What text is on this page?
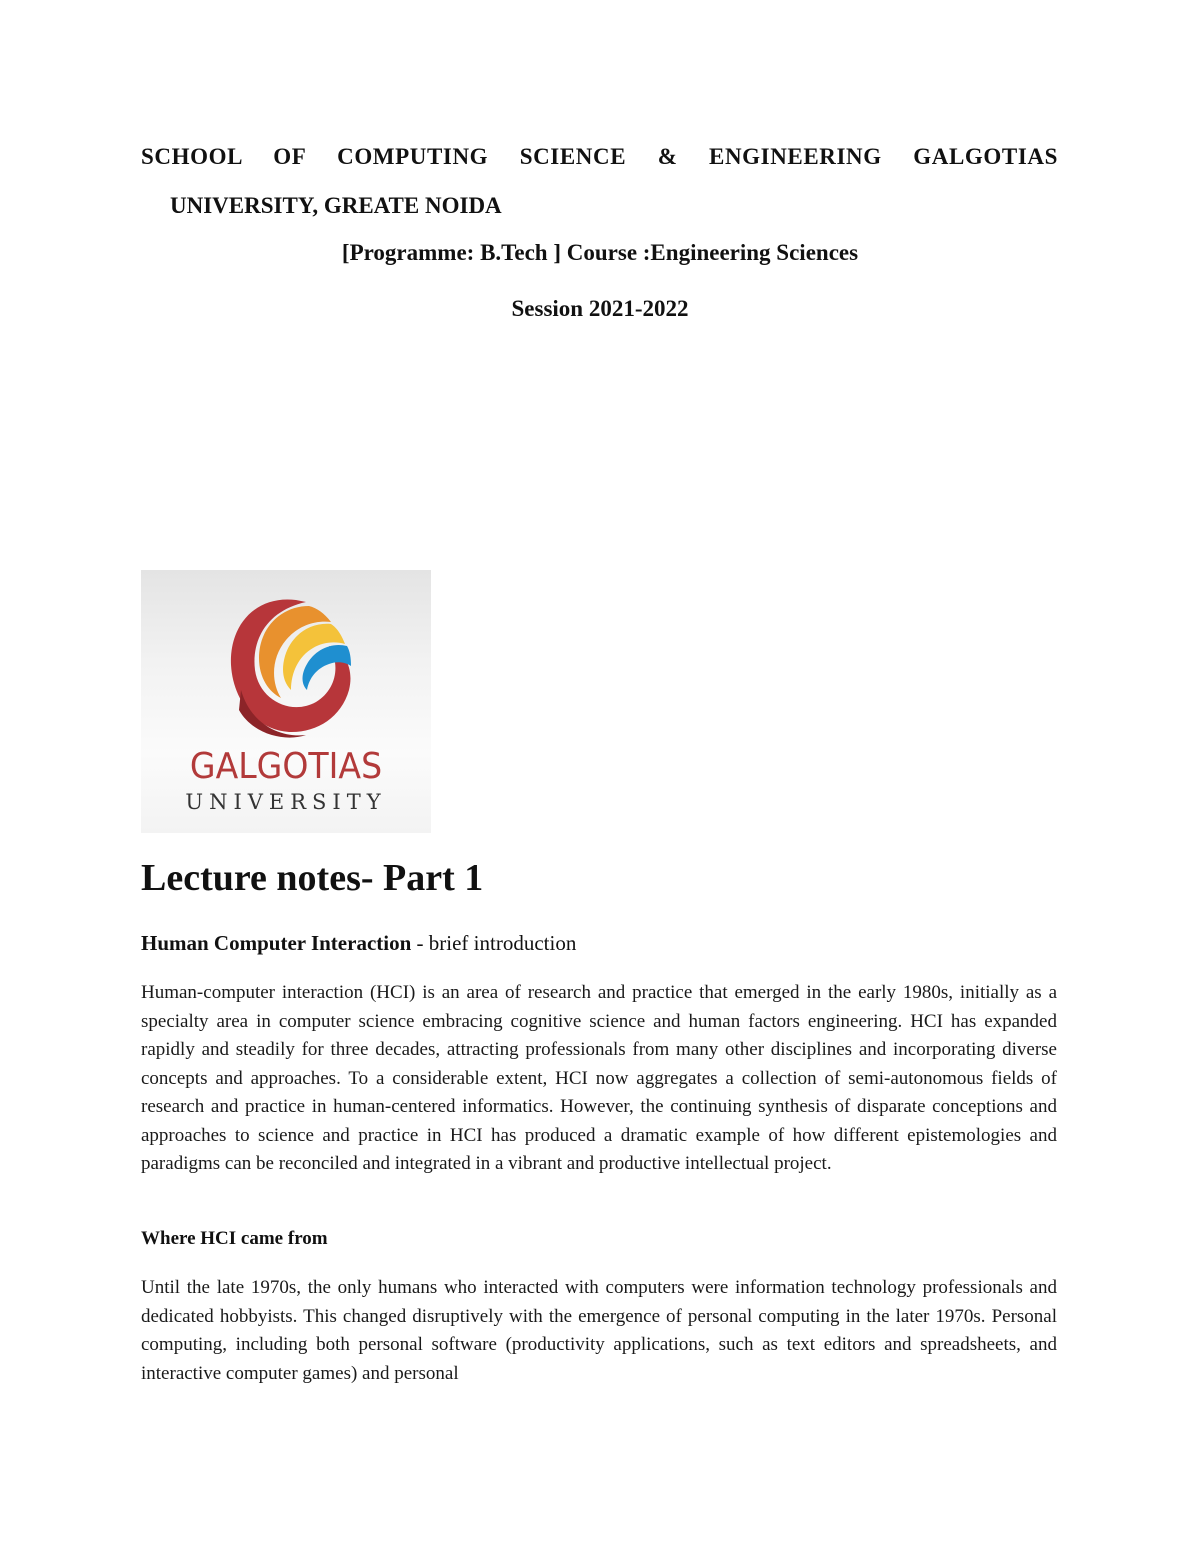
SCHOOL OF COMPUTING SCIENCE & ENGINEERING GALGOTIAS

UNIVERSITY, GREATE NOIDA

[Programme: B.Tech ] Course :Engineering Sciences

Session 2021-2022

GALGOTIAS

UNIVERSITY

Lecture notes- Part 1

Human Computer Interaction - brief introduction

Human-computer interaction (HCI) is an area of research and practice that emerged in the early 1980s, initially as a specialty area in computer science embracing cognitive science and human factors engineering. HCI has expanded rapidly and steadily for three decades, attracting professionals from many other disciplines and incorporating diverse concepts and approaches. To a considerable extent, HCI now aggregates a collection of semi-autonomous fields of research and practice in human-centered informatics. However, the continuing synthesis of disparate conceptions and approaches to science and practice in HCI has produced a dramatic example of how different epistemologies and paradigms can be reconciled and integrated in a vibrant and productive intellectual project.

Where HCI came from

Until the late 1970s, the only humans who interacted with computers were information technology professionals and dedicated hobbyists. This changed disruptively with the emergence of personal computing in the later 1970s. Personal computing, including both personal software (productivity applications, such as text editors and spreadsheets, and interactive computer games) and personal
